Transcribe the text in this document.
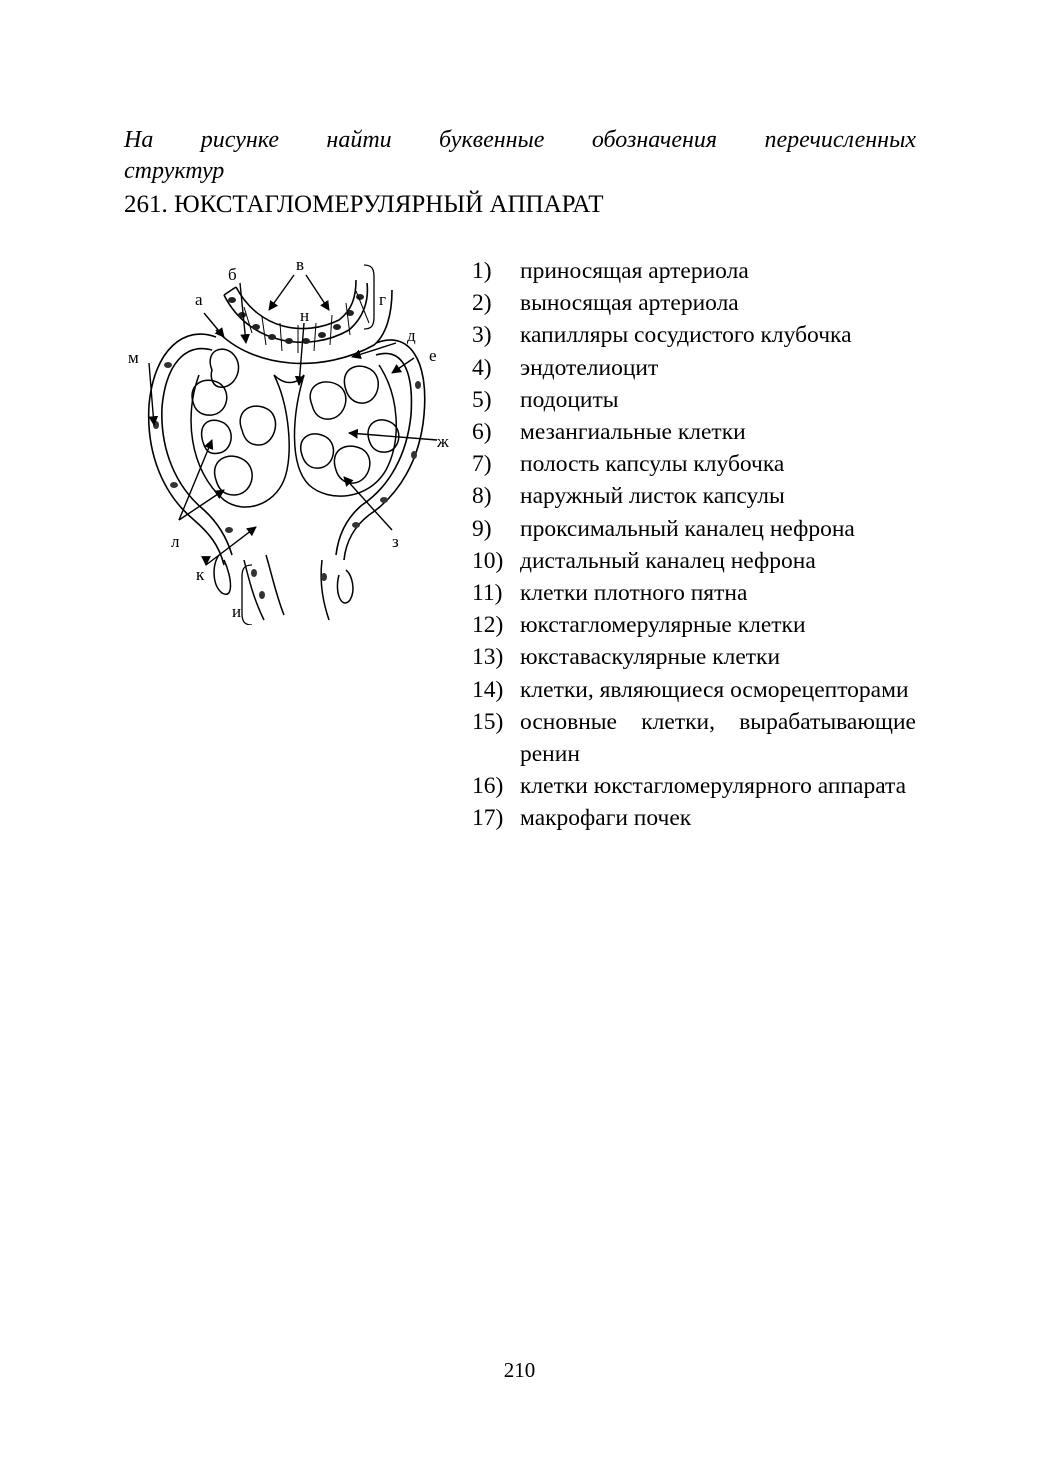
На рисунке найти буквенные обозначения перечисленных
структур
261. ЮКСТАГЛОМЕРУЛЯРНЫЙ АППАРАТ
а
б
в
г
н
д
е
м
ж
з
л
к
и
1)	приносящая артериола
2)	выносящая артериола
3)	капилляры сосудистого клубочка
4)	эндотелиоцит
5)	подоциты
6)	мезангиальные клетки
7)	полость капсулы клубочка
8)	наружный листок капсулы
9)	проксимальный каналец нефрона
10) дистальный каналец нефрона
11) клетки плотного пятна
12) юкстагломерулярные клетки
13) юкставаскулярные клетки
14) клетки, являющиеся осморецепторами
15) основные клетки, вырабатывающие ренин
16) клетки юкстагломерулярного аппарата
17) макрофаги почек
210
